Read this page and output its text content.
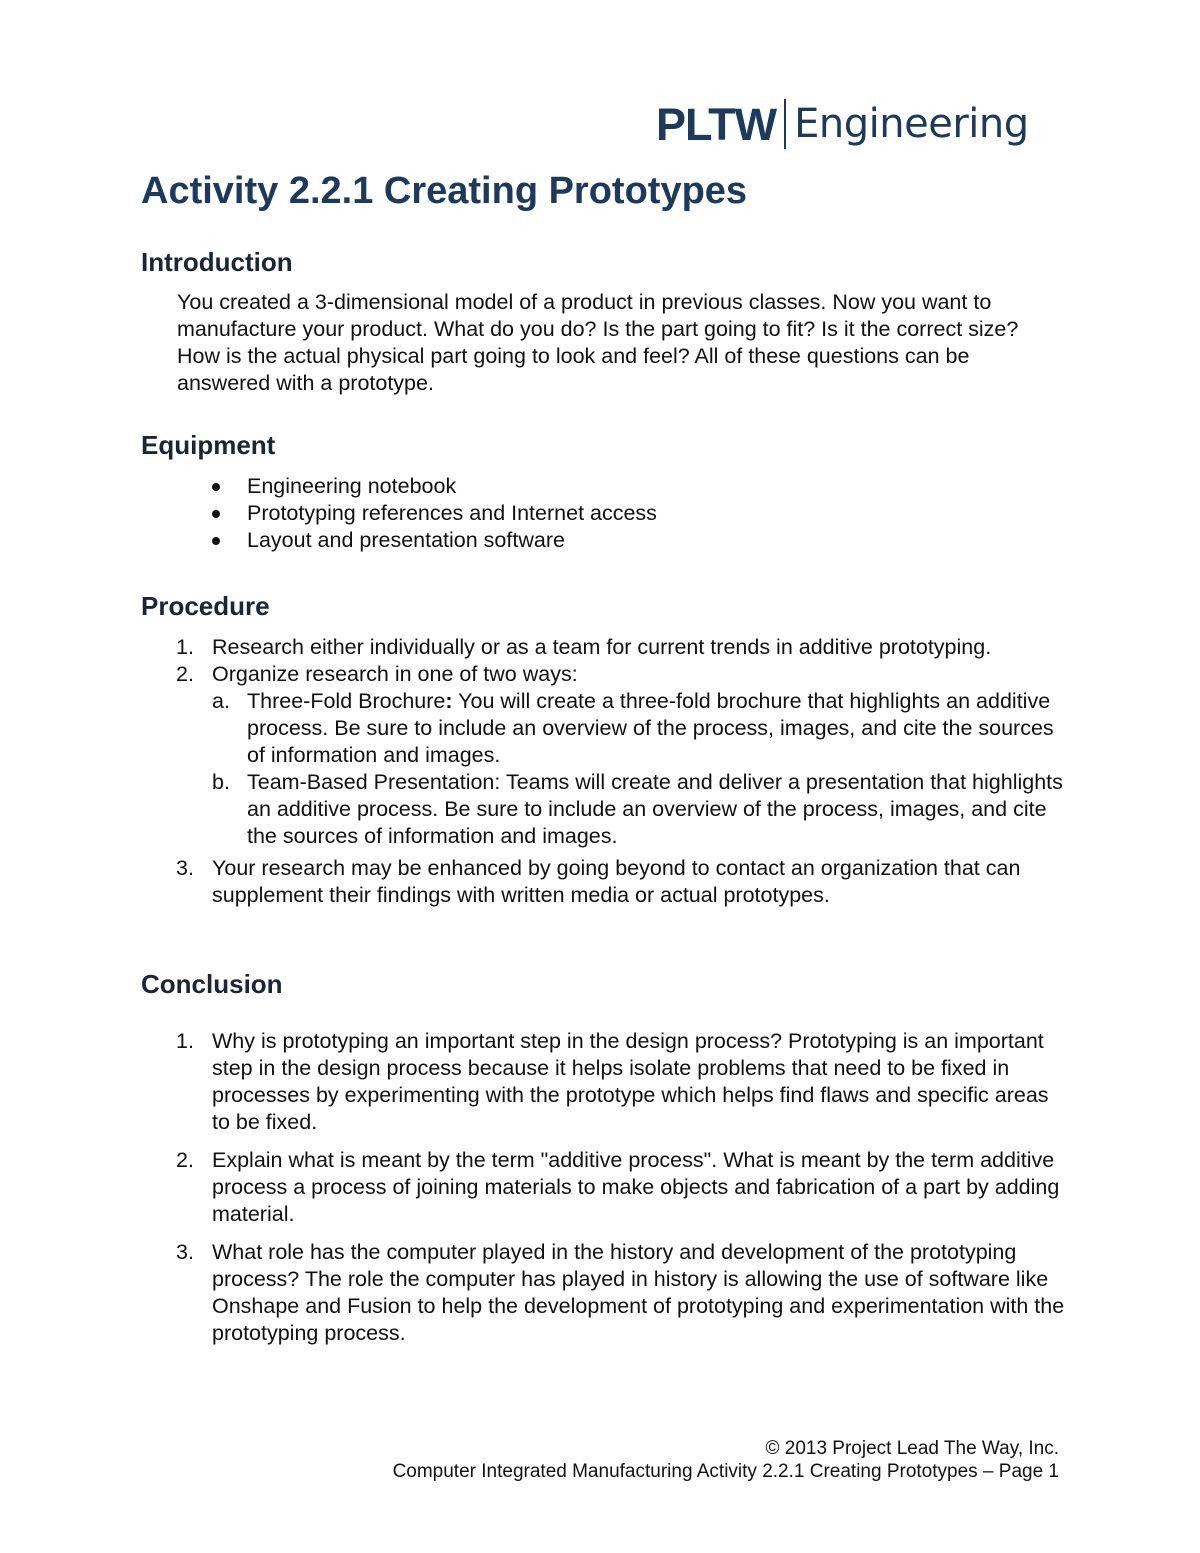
PLTW Engineering
Activity 2.2.1 Creating Prototypes
Introduction

You created a 3-dimensional model of a product in previous classes. Now you want to manufacture your product. What do you do? Is the part going to fit? Is it the correct size? How is the actual physical part going to look and feel? All of these questions can be answered with a prototype.

Equipment
Engineering notebook
Prototyping references and Internet access
Layout and presentation software
Procedure
1. Research either individually or as a team for current trends in additive prototyping.
2. Organize research in one of two ways:
a. Three-Fold Brochure: You will create a three-fold brochure that highlights an additive process. Be sure to include an overview of the process, images, and cite the sources of information and images.
b. Team-Based Presentation: Teams will create and deliver a presentation that highlights an additive process. Be sure to include an overview of the process, images, and cite the sources of information and images.
3. Your research may be enhanced by going beyond to contact an organization that can supplement their findings with written media or actual prototypes.
Conclusion
1. Why is prototyping an important step in the design process? Prototyping is an important step in the design process because it helps isolate problems that need to be fixed in processes by experimenting with the prototype which helps find flaws and specific areas to be fixed.
2. Explain what is meant by the term "additive process". What is meant by the term additive process a process of joining materials to make objects and fabrication of a part by adding material.
3. What role has the computer played in the history and development of the prototyping process? The role the computer has played in history is allowing the use of software like Onshape and Fusion to help the development of prototyping and experimentation with the prototyping process.
© 2013 Project Lead The Way, Inc.
Computer Integrated Manufacturing Activity 2.2.1 Creating Prototypes – Page 1
